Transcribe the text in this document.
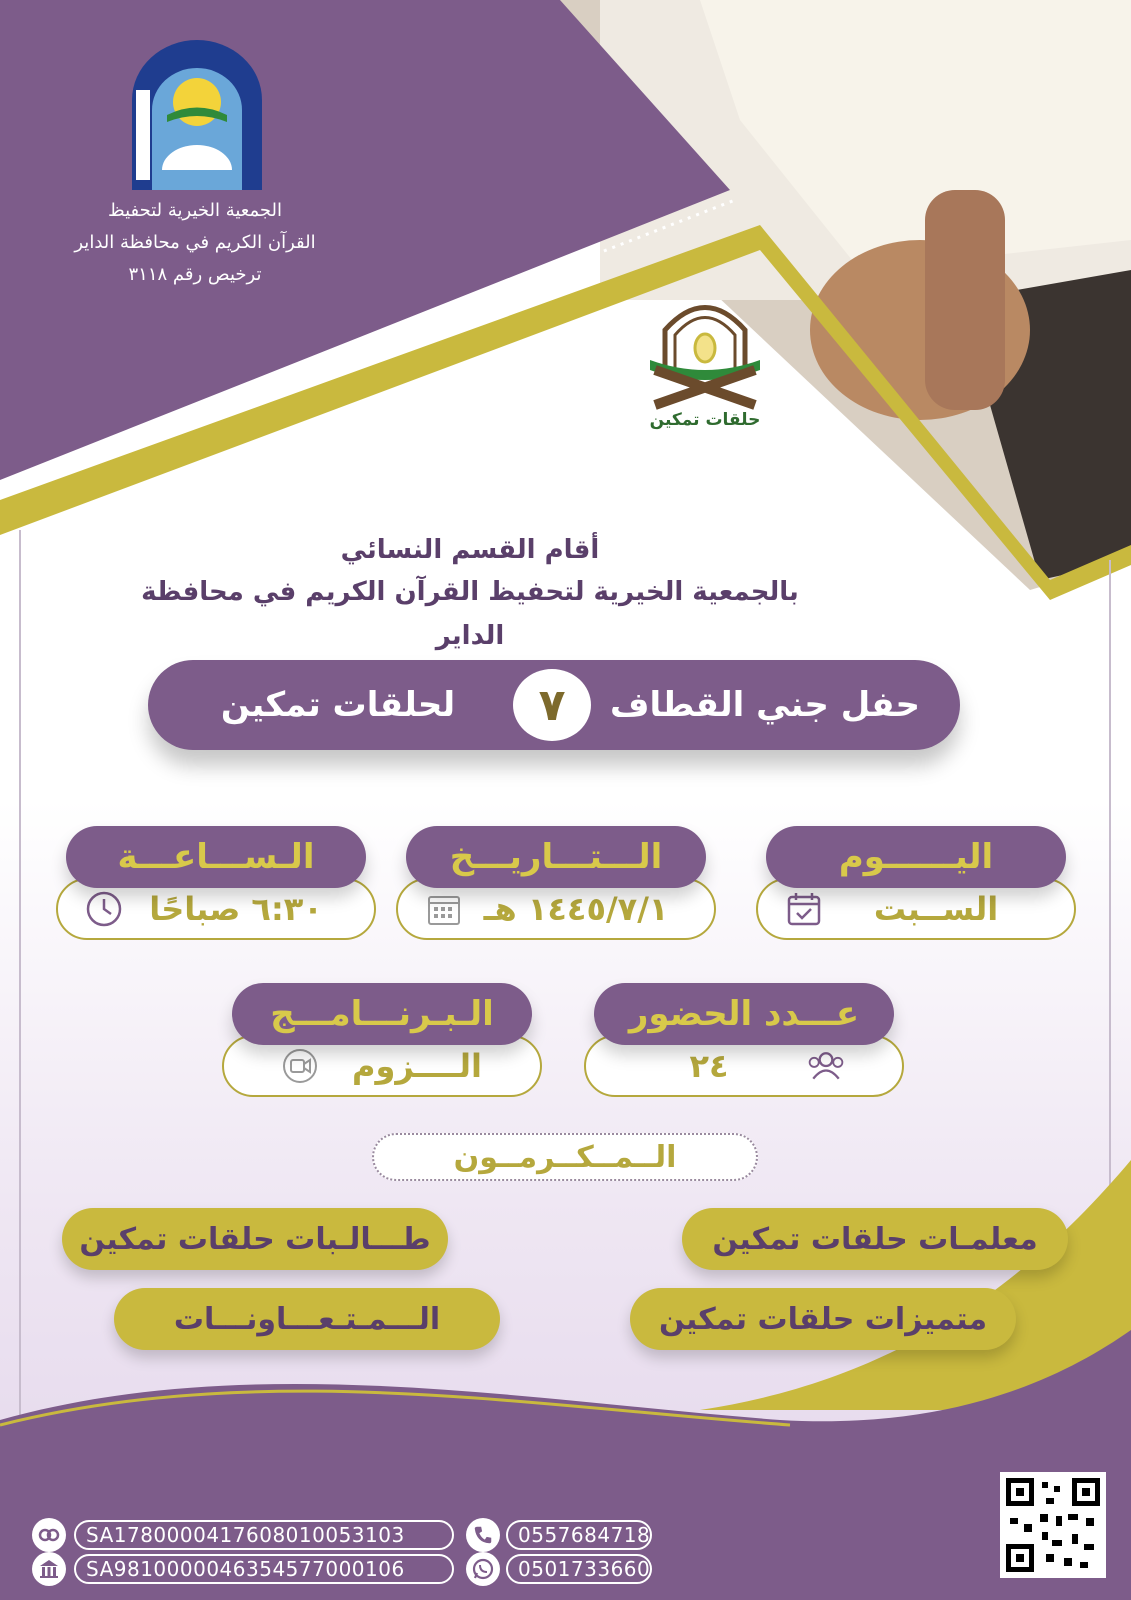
الجمعية الخيرية لتحفيظ
القرآن الكريم في محافظة الداير
ترخيص رقم ٣١١٨
حلقات تمكين
أقام القسم النسائي
بالجمعية الخيرية لتحفيظ القرآن الكريم في محافظة الداير
حفل جني القطاف
٧
لحلقات تمكين
الســبت
اليــــــوم
١٤٤٥/٧/١ هـ
الـــتـــاريـــخ
٦:٣٠ صباحًا
الـســـاعـــة
٢٤
عـــدد الحضور
الــــزوم
الـبـرنـــامـــج
الــمــكــرمــون
معلمـات حلقات تمكين
طـــالـبات حلقات تمكين
متميزات حلقات تمكين
الـــمـتـعـــاونـــات
SA1780000417608010053103
SA9810000046354577000106
0557684718
0501733660
